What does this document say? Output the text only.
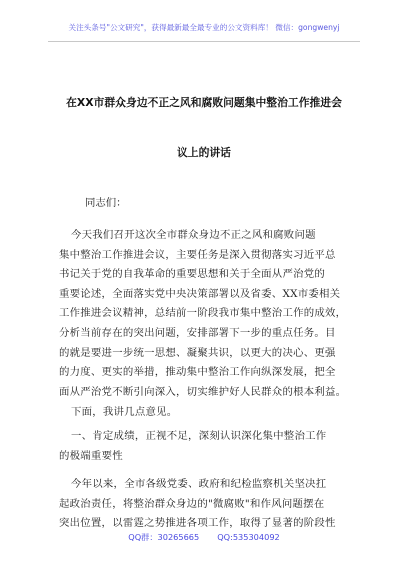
关注头条号"公文研究"，获得最新最全最专业的公文资料库！ 微信：gongwenyj
在XX市群众身边不正之风和腐败问题集中整治工作推进会
议上的讲话
同志们：
今天我们召开这次全市群众身边不正之风和腐败问题
集中整治工作推进会议，主要任务是深入贯彻落实习近平总
书记关于党的自我革命的重要思想和关于全面从严治党的
重要论述，全面落实党中央决策部署以及省委、XX市委相关
工作推进会议精神，总结前一阶段我市集中整治工作的成效，
分析当前存在的突出问题，安排部署下一步的重点任务。目
的就是要进一步统一思想、凝聚共识，以更大的决心、更强
的力度、更实的举措，推动集中整治工作向纵深发展，把全
面从严治党不断引向深入，切实维护好人民群众的根本利益。
下面，我讲几点意见。
一、肯定成绩，正视不足，深刻认识深化集中整治工作
的极端重要性
今年以来，全市各级党委、政府和纪检监察机关坚决扛
起政治责任，将整治群众身边的"微腐败"和作风问题摆在
突出位置，以雷霆之势推进各项工作，取得了显著的阶段性
QQ群：30265665 QQ:535304092
